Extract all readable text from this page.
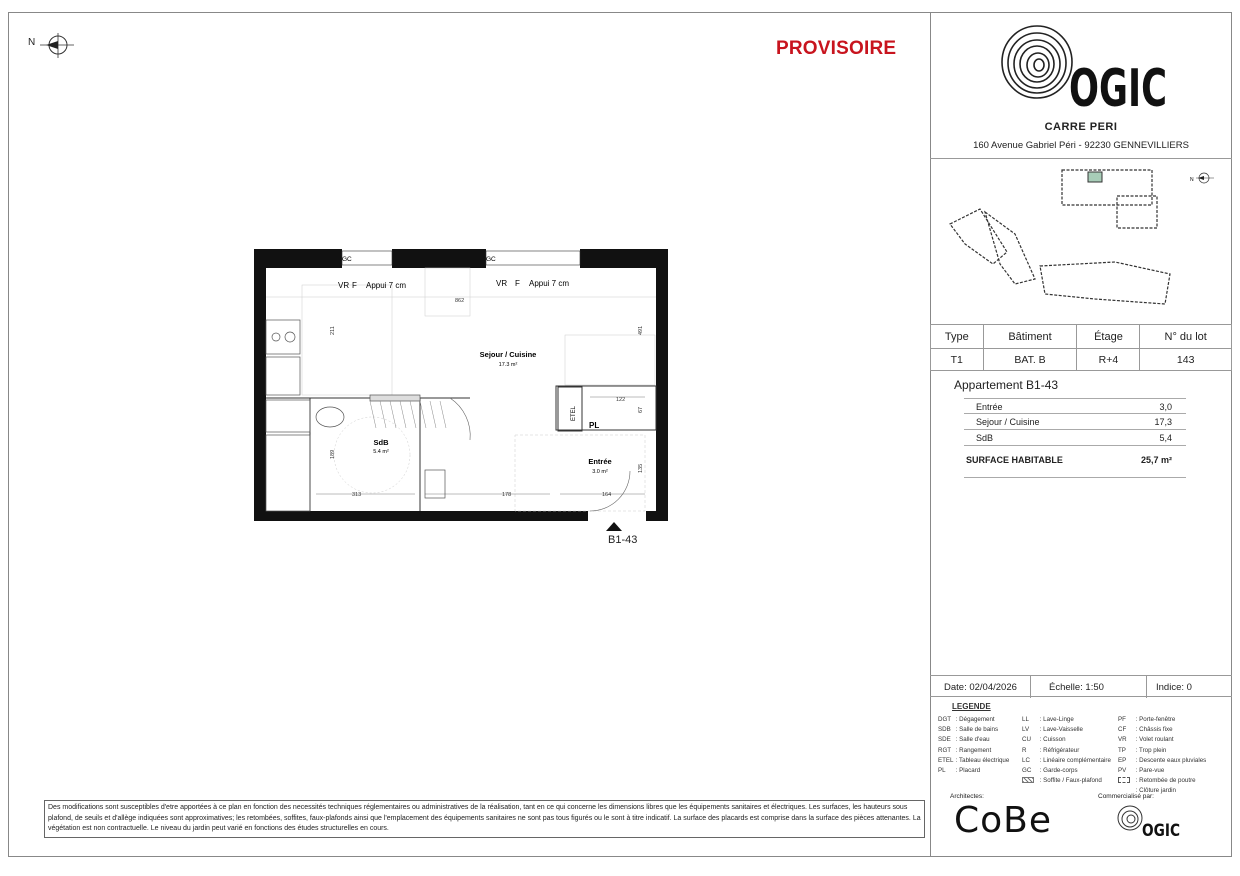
N	PROVISOIRE
OGIC
CARRE PERI
160 Avenue Gabriel Péri - 92230 GENNEVILLIERS
N
Type	Bâtiment	Étage	N° du lot
T1	BAT. B	R+4	143
Appartement B1-43
Entrée	3,0
Sejour / Cuisine	17,3
SdB	5,4
SURFACE HABITABLE	25,7 m²
Date: 02/04/2026	Échelle: 1:50	Indice: 0
LEGENDE
DGT : Dégagement
SDB : Salle de bains
SDE : Salle d'eau
RGT : Rangement
ETEL : Tableau électrique
PL : Placard
LL : Lave-Linge
LV : Lave-Vaisselle
CU : Cuisson
R : Réfrigérateur
LC : Linéaire complémentaire
GC : Garde-corps
: Soffite / Faux-plafond
PF : Porte-fenêtre
CF : Châssis fixe
VR : Volet roulant
TP : Trop plein
EP : Descente eaux pluviales
PV : Pare-vue
: Retombée de poutre
: Clôture jardin
Architectes:	Commercialisé par:
CoBe	OGIC
Des modifications sont susceptibles d'etre apportées à ce plan en fonction des necessités techniques réglementaires ou administratives de la réalisation, tant en ce qui concerne les dimensions libres que les équipements sanitaires et électriques. Les surfaces, les hauteurs sous plafond, de seuils et d'allège indiquées sont approximatives; les retombées, soffites, faux-plafonds ainsi que l'emplacement des équipements sanitaires ne sont pas tous figurés ou le sont à titre indicatif. La surface des placards est comprise dans la surface des pièces attenantes. La végétation est non contractuelle. Le niveau du jardin peut varié en fonctions des études structurelles en cours.
GC	GC
VR F Appui 7 cm	VR F Appui 7 cm
ETEL
PL
Sejour / Cuisine
17.3 m²
SdB
5.4 m²
Entrée
3.0 m²
211
862
491
122
67
189
313	178	164
135
B1-43
